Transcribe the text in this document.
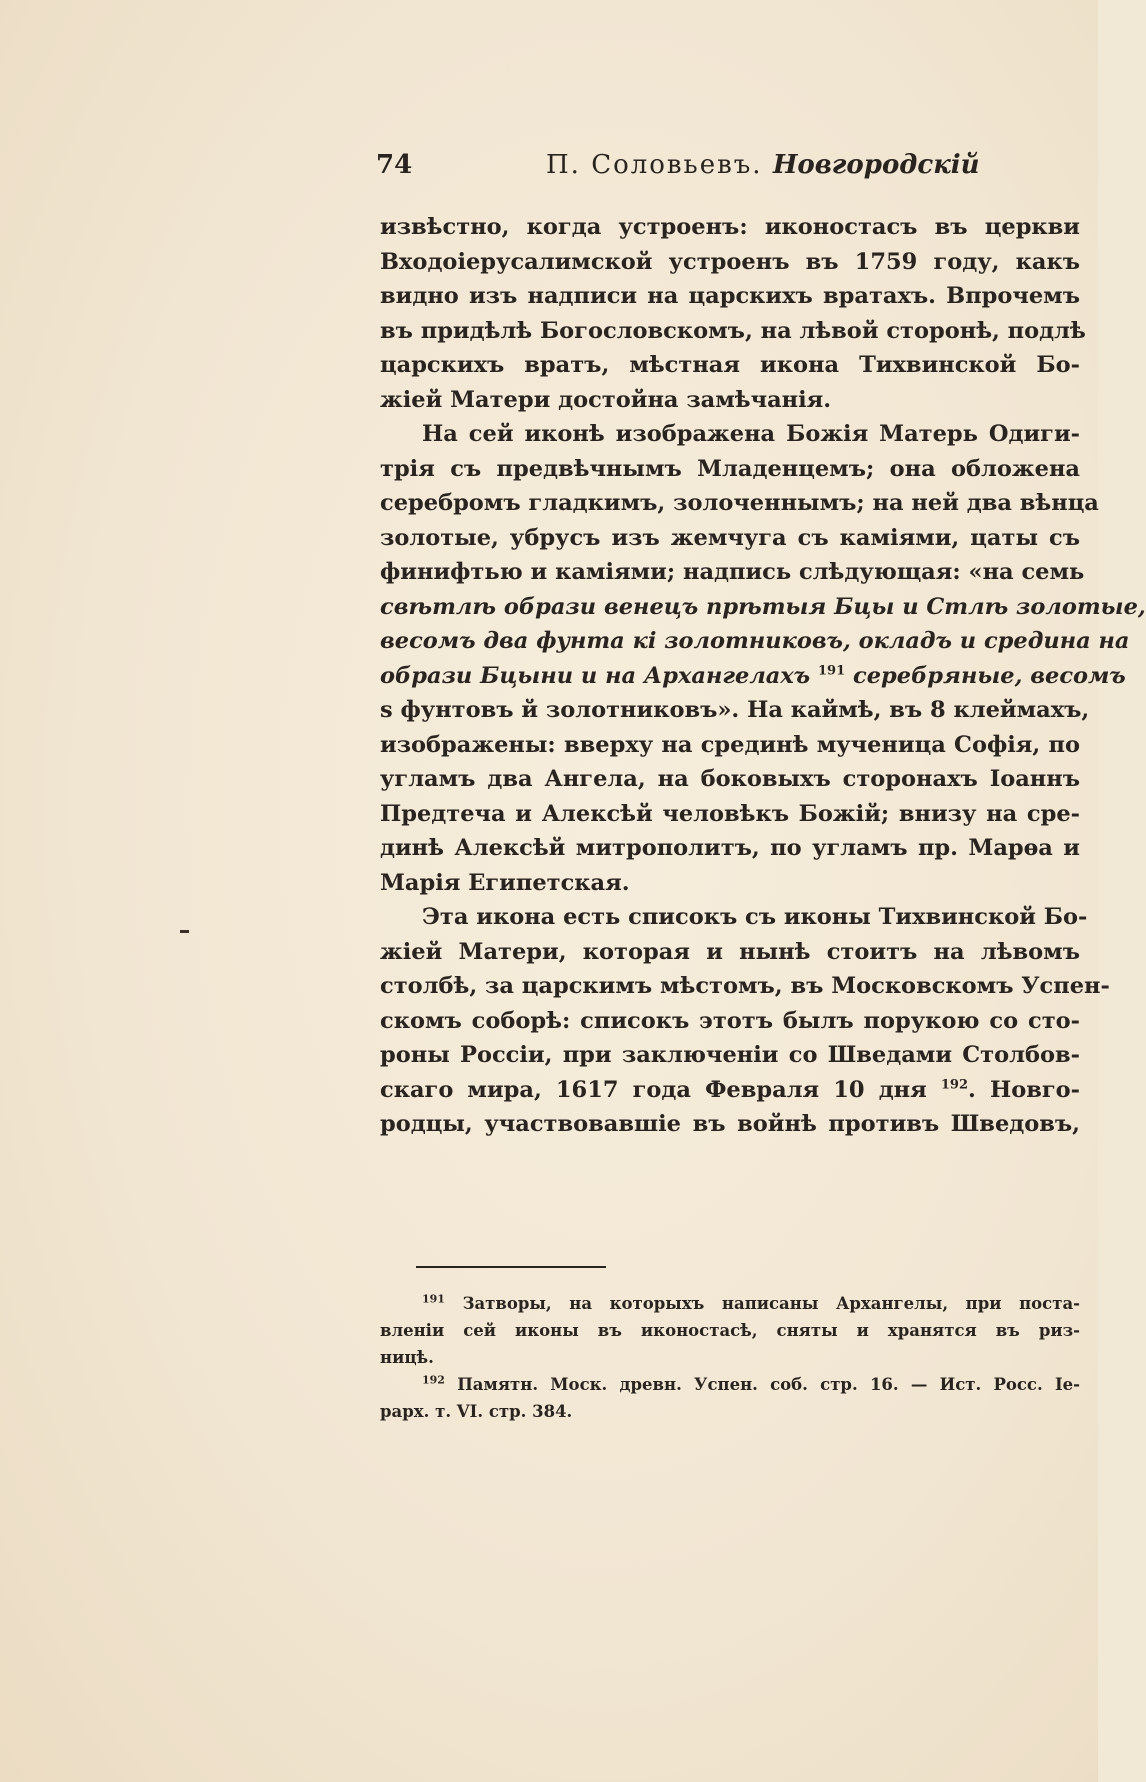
74	П. Соловьевъ. Новгородскій
извѣстно, когда устроенъ: иконостасъ въ церкви
Входоіерусалимской устроенъ въ 1759 году, какъ
видно изъ надписи на царскихъ вратахъ. Впрочемъ
въ придѣлѣ Богословскомъ, на лѣвой сторонѣ, подлѣ
царскихъ вратъ, мѣстная икона Тихвинской Бо-
жіей Матери достойна замѣчанія.
На сей иконѣ изображена Божія Матерь Одиги-
трія съ предвѣчнымъ Младенцемъ; она обложена
серебромъ гладкимъ, золоченнымъ; на ней два вѣнца
золотые, убрусъ изъ жемчуга съ каміями, цаты съ
финифтью и каміями; надпись слѣдующая: «на семь
свѣтлѣ образи венецъ прѣтыя Бцы и Стлѣ золотые,
весомъ два фунта кі золотниковъ, окладъ и средина на
образи Бцыни и на Архангелахъ $^{191}$ серебряные, весомъ
ѕ фунтовъ й золотниковъ». На каймѣ, въ 8 клеймахъ,
изображены: вверху на срединѣ мученица Софія, по
угламъ два Ангела, на боковыхъ сторонахъ Іоаннъ
Предтеча и Алексѣй человѣкъ Божій; внизу на сре-
динѣ Алексѣй митрополитъ, по угламъ пр. Марѳа и
Марія Египетская.
Эта икона есть списокъ съ иконы Тихвинской Бо-
жіей Матери, которая и нынѣ стоитъ на лѣвомъ
столбѣ, за царскимъ мѣстомъ, въ Московскомъ Успен-
скомъ соборѣ: списокъ этотъ былъ порукою со сто-
роны Россіи, при заключеніи со Шведами Столбов-
скаго мира, 1617 года Февраля 10 дня $^{192}$. Новго-
родцы, участвовавшіе въ войнѣ противъ Шведовъ,
$^{191}$ Затворы, на которыхъ написаны Архангелы, при поста-
вленіи сей иконы въ иконостасѣ, сняты и хранятся въ риз-
ницѣ.
$^{192}$ Памятн. Моск. древн. Успен. соб. стр. 16. — Ист. Росс. Іе-
рарх. т. VI. стр. 384.
